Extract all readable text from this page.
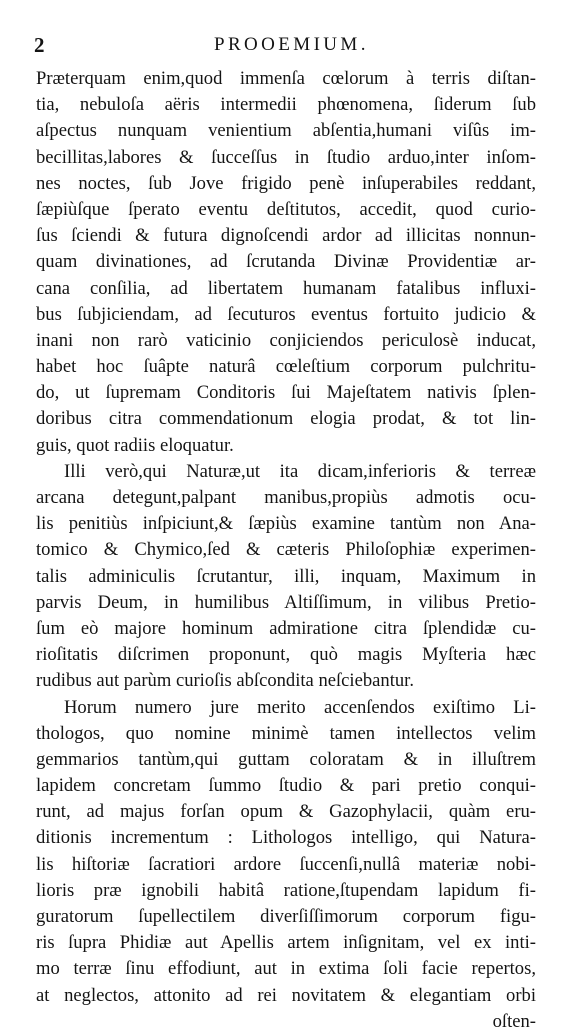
2	PROOEMIUM.
Præterquam enim,quod immenſa cœlorum à terris diſtan-
tia, nebuloſa aëris intermedii phœnomena, ſiderum ſub
aſpectus nunquam venientium abſentia,humani viſûs im-
becillitas,labores & ſucceſſus in ſtudio arduo,inter inſom-
nes noctes, ſub Jove frigido penè inſuperabiles reddant,
ſæpiùſque ſperato eventu deſtitutos, accedit, quod curio-
ſus ſciendi & futura dignoſcendi ardor ad illicitas nonnun-
quam divinationes, ad ſcrutanda Divinæ Providentiæ ar-
cana conſilia, ad libertatem humanam fatalibus influxi-
bus ſubjiciendam, ad ſecuturos eventus fortuito judicio &
inani non rarò vaticinio conjiciendos periculosè inducat,
habet hoc ſuâpte naturâ cœleſtium corporum pulchritu-
do, ut ſupremam Conditoris ſui Majeſtatem nativis ſplen-
doribus citra commendationum elogia prodat, & tot lin-
guis, quot radiis eloquatur.
Illi verò,qui Naturæ,ut ita dicam,inferioris & terreæ
arcana detegunt,palpant manibus,propiùs admotis ocu-
lis penitiùs inſpiciunt,& ſæpiùs examine tantùm non Ana-
tomico & Chymico,ſed & cæteris Philoſophiæ experimen-
talis adminiculis ſcrutantur, illi, inquam, Maximum in
parvis Deum, in humilibus Altiſſimum, in vilibus Pretio-
ſum eò majore hominum admiratione citra ſplendidæ cu-
rioſitatis diſcrimen proponunt, quò magis Myſteria hæc
rudibus aut parùm curioſis abſcondita neſciebantur.
Horum numero jure merito accenſendos exiſtimo Li-
thologos, quo nomine minimè tamen intellectos velim
gemmarios tantùm,qui guttam coloratam & in illuſtrem
lapidem concretam ſummo ſtudio & pari pretio conqui-
runt, ad majus forſan opum & Gazophylacii, quàm eru-
ditionis incrementum : Lithologos intelligo, qui Natura-
lis hiſtoriæ ſacratiori ardore ſuccenſi,nullâ materiæ nobi-
lioris præ ignobili habitâ ratione,ſtupendam lapidum fi-
guratorum ſupellectilem diverſiſſimorum corporum figu-
ris ſupra Phidiæ aut Apellis artem inſignitam, vel ex inti-
mo terræ ſinu effodiunt, aut in extima ſoli facie repertos,
at neglectos, attonito ad rei novitatem & elegantiam orbi
oſten-
